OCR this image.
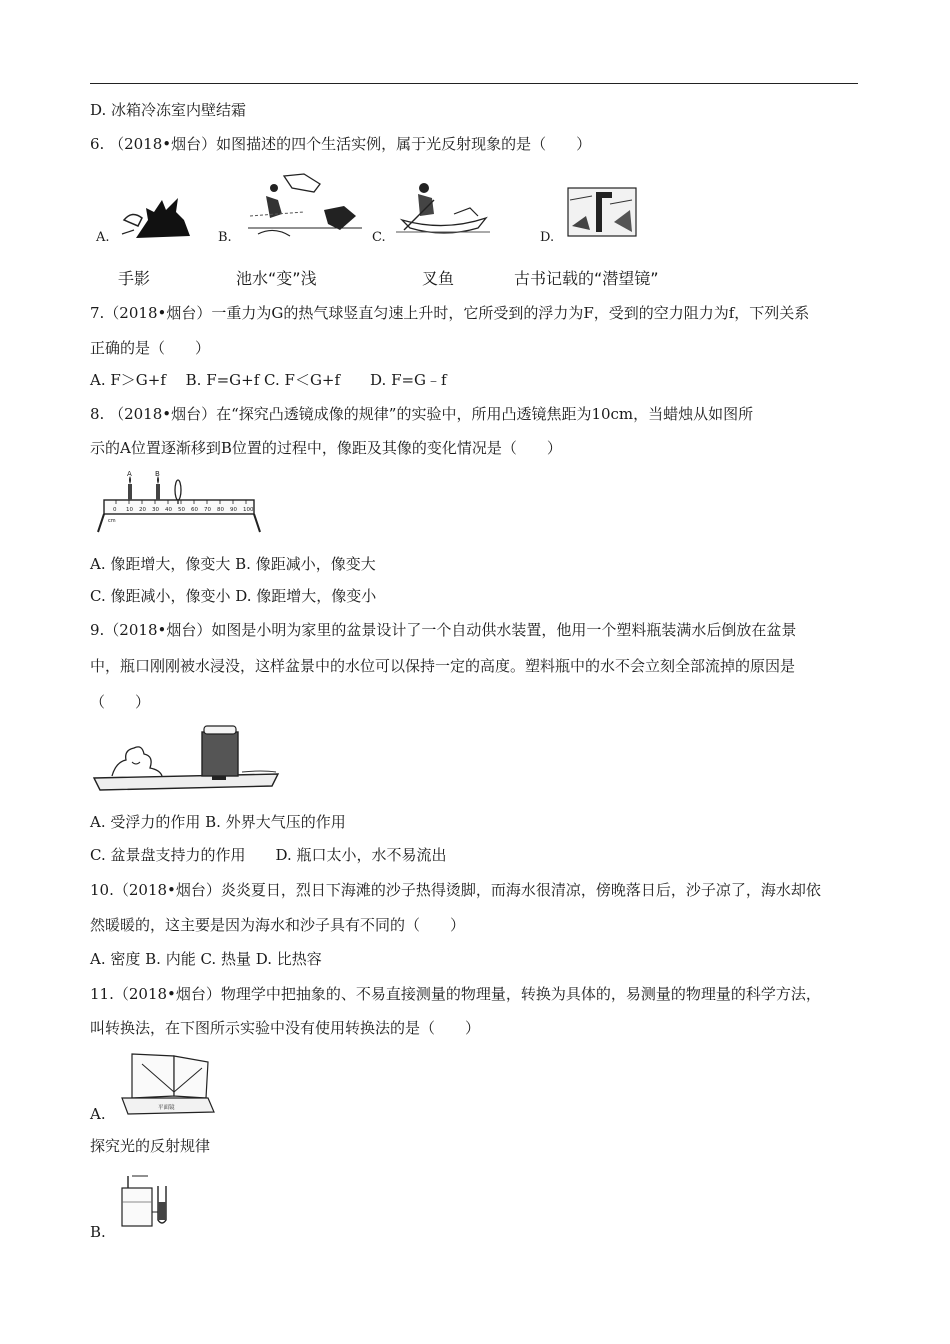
D. 冰箱冷冻室内壁结霜
6. （2018•烟台）如图描述的四个生活实例，属于光反射现象的是（　　）
A.	B.	C.	D.
手影	池水“变”浅	叉鱼	古书记载的“潜望镜”
7.（2018•烟台）一重力为G的热气球竖直匀速上升时，它所受到的浮力为F，受到的空力阻力为f，下列关系
正确的是（　　）
A. F＞G+f　 B. F=G+f C. F＜G+f　　D. F=G﹣f
8. （2018•烟台）在“探究凸透镜成像的规律”的实验中，所用凸透镜焦距为10cm，当蜡烛从如图所
示的A位置逐渐移到B位置的过程中，像距及其像的变化情况是（　　）
0 10 20 30 40 50 60 70 80 90 100
cm
A	B
A. 像距增大，像变大 B. 像距减小，像变大
C. 像距减小，像变小 D. 像距增大，像变小
9.（2018•烟台）如图是小明为家里的盆景设计了一个自动供水装置，他用一个塑料瓶装满水后倒放在盆景
中，瓶口刚刚被水浸没，这样盆景中的水位可以保持一定的高度。塑料瓶中的水不会立刻全部流掉的原因是
（　　）
A. 受浮力的作用 B. 外界大气压的作用
C. 盆景盘支持力的作用　　D. 瓶口太小，水不易流出
10.（2018•烟台）炎炎夏日，烈日下海滩的沙子热得烫脚，而海水很清凉，傍晚落日后，沙子凉了，海水却依
然暖暖的，这主要是因为海水和沙子具有不同的（　　）
A. 密度 B. 内能 C. 热量 D. 比热容
11.（2018•烟台）物理学中把抽象的、不易直接测量的物理量，转换为具体的，易测量的物理量的科学方法，
叫转换法，在下图所示实验中没有使用转换法的是（　　）
平面镜
A.
探究光的反射规律
B.
